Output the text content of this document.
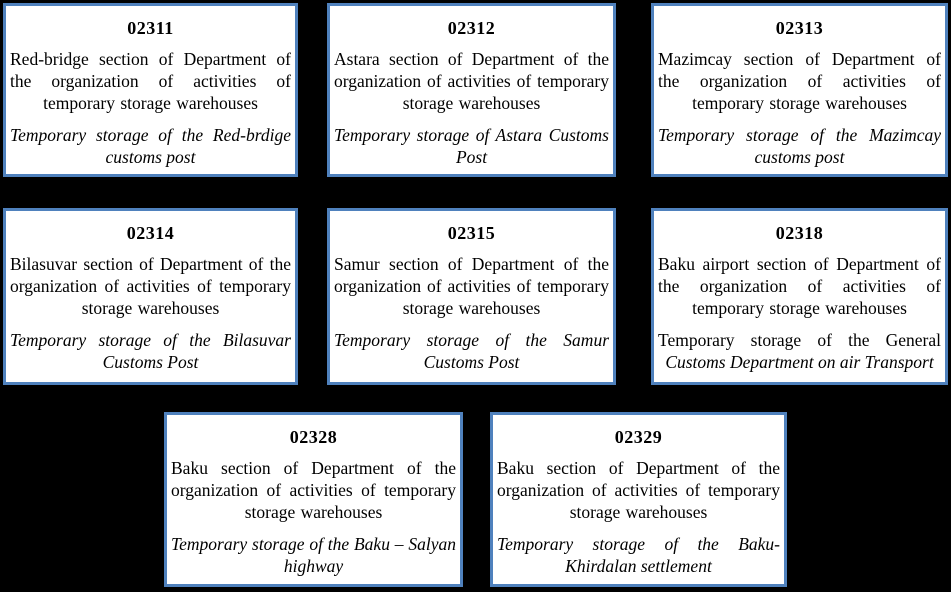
02311

Red-bridge section of Department of the organization of activities of temporary storage warehouses

Temporary storage of the Red-brdige customs post

02312

Astara section of Department of the organization of activities of temporary storage warehouses

Temporary storage of Astara Customs Post

02313

Mazimcay section of Department of the organization of activities of temporary storage warehouses

Temporary storage of the Mazimcay customs post

02314

Bilasuvar section of Department of the organization of activities of temporary storage warehouses

Temporary storage of the Bilasuvar Customs Post

02315

Samur section of Department of the organization of activities of temporary storage warehouses

Temporary storage of the Samur Customs Post

02318

Baku airport section of Department of the organization of activities of temporary storage warehouses

Temporary storage of the General Customs Department on air Transport

02328

Baku section of Department of the organization of activities of temporary storage warehouses

Temporary storage of the Baku – Salyan highway

02329

Baku section of Department of the organization of activities of temporary storage warehouses

Temporary storage of the Baku-Khirdalan settlement
